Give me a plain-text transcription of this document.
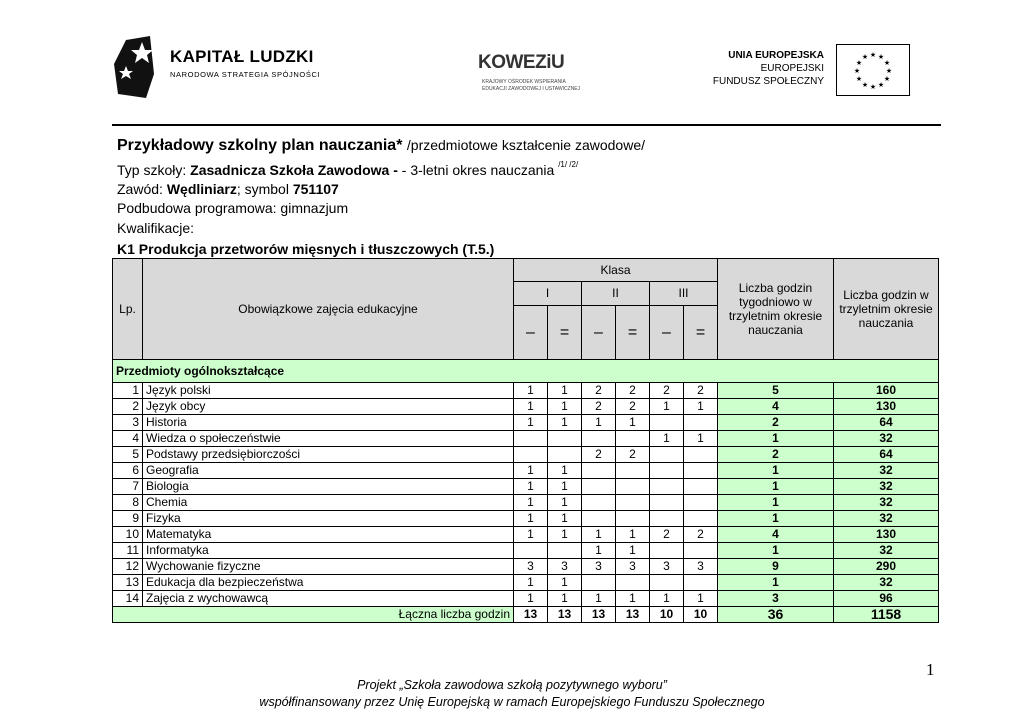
KAPITAŁ LUDZKI
NARODOWA STRATEGIA SPÓJNOŚCI
KOWEZiU
KRAJOWY OŚRODEK WSPIERANIA
EDUKACJI ZAWODOWEJ I USTAWICZNEJ
UNIA EUROPEJSKA
EUROPEJSKI
FUNDUSZ SPOŁECZNY
★ ★
★
★
★
★
★
★
★
★
★
★
Przykładowy szkolny plan nauczania* /przedmiotowe kształcenie zawodowe/
Typ szkoły: Zasadnicza Szkoła Zawodowa - - 3-letni okres nauczania $^{/1/ /2/}$
Zawód: Wędliniarz; symbol 751107
Podbudowa programowa: gimnazjum
Kwalifikacje:
K1 Produkcja przetworów mięsnych i tłuszczowych (T.5.)
Lp.	Obowiązkowe zajęcia edukacyjne	Klasa						Liczba godzin tygodniowo w trzyletnim okresie nauczania	Liczba godzin w trzyletnim okresie nauczania
		I		II		III			
		–	=	–	=	–	=		
Przedmioty ogólnokształcące									
1	Język polski	1	1	2	2	2	2	5	160
2	Język obcy	1	1	2	2	1	1	4	130
3	Historia	1	1	1	1			2	64
4	Wiedza o społeczeństwie					1	1	1	32
5	Podstawy przedsiębiorczości			2	2			2	64
6	Geografia	1	1					1	32
7	Biologia	1	1					1	32
8	Chemia	1	1					1	32
9	Fizyka	1	1					1	32
10	Matematyka	1	1	1	1	2	2	4	130
11	Informatyka			1	1			1	32
12	Wychowanie fizyczne	3	3	3	3	3	3	9	290
13	Edukacja dla bezpieczeństwa	1	1					1	32
14	Zajęcia z wychowawcą	1	1	1	1	1	1	3	96
Łączna liczba godzin		13	13	13	13	10	10	36	1158
1
Projekt „Szkoła zawodowa szkołą pozytywnego wyboru”
współfinansowany przez Unię Europejską w ramach Europejskiego Funduszu Społecznego
